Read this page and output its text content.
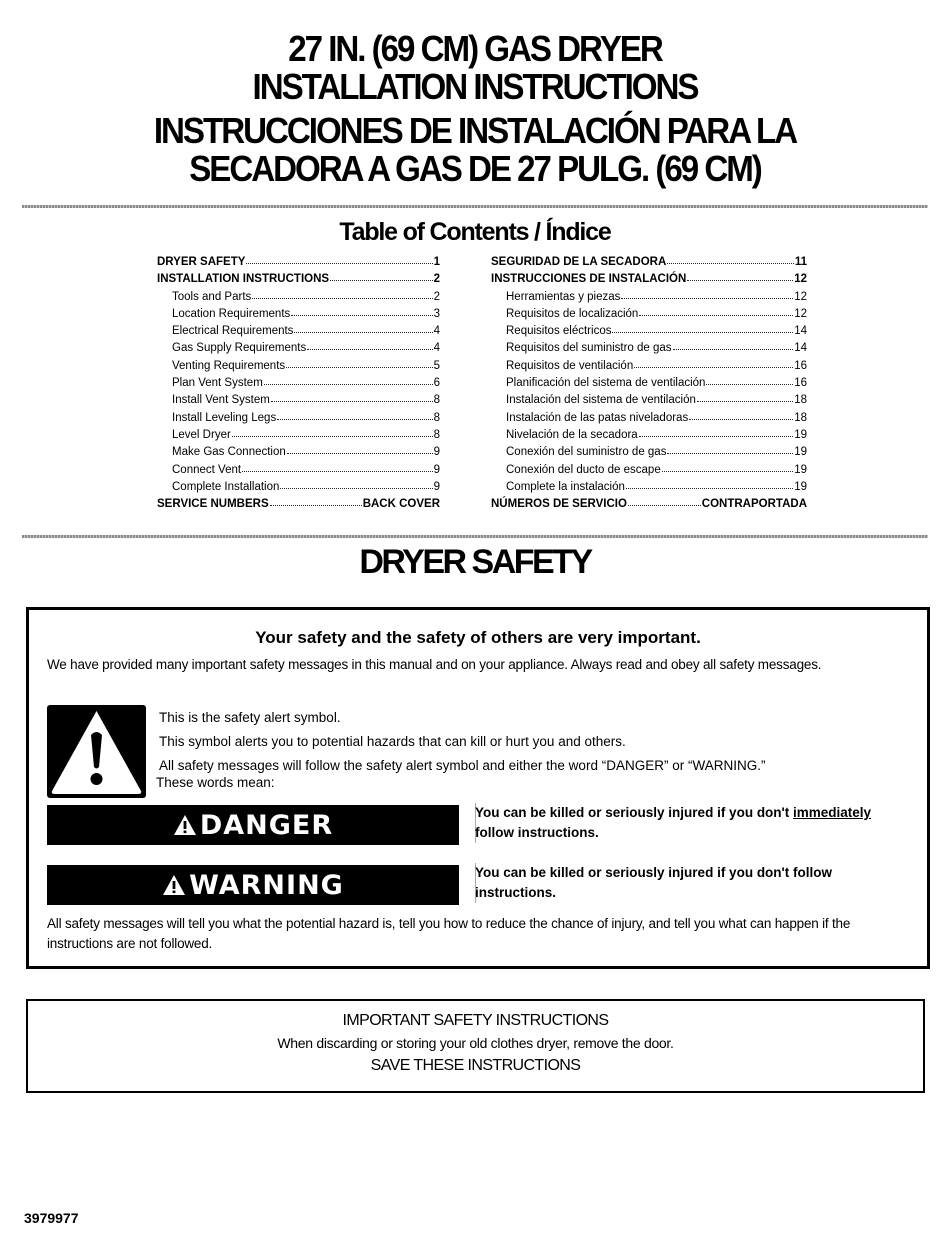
27 IN. (69 CM) GAS DRYER
INSTALLATION INSTRUCTIONS
INSTRUCCIONES DE INSTALACIÓN PARA LA
SECADORA A GAS DE 27 PULG. (69 CM)
Table of Contents / Índice
DRYER SAFETY	1
INSTALLATION INSTRUCTIONS	2
Tools and Parts	2
Location Requirements	3
Electrical Requirements	4
Gas Supply Requirements	4
Venting Requirements	5
Plan Vent System	6
Install Vent System	8
Install Leveling Legs	8
Level Dryer	8
Make Gas Connection	9
Connect Vent	9
Complete Installation	9
SERVICE NUMBERS	BACK COVER
SEGURIDAD DE LA SECADORA	11
INSTRUCCIONES DE INSTALACIÓN	12
Herramientas y piezas	12
Requisitos de localización	12
Requisitos eléctricos	14
Requisitos del suministro de gas	14
Requisitos de ventilación	16
Planificación del sistema de ventilación	16
Instalación del sistema de ventilación	18
Instalación de las patas niveladoras	18
Nivelación de la secadora	19
Conexión del suministro de gas	19
Conexión del ducto de escape	19
Complete la instalación	19
NÚMEROS DE SERVICIO	CONTRAPORTADA
DRYER SAFETY
Your safety and the safety of others are very important.
We have provided many important safety messages in this manual and on your appliance. Always read and obey all safety messages.
This is the safety alert symbol.
This symbol alerts you to potential hazards that can kill or hurt you and others.
All safety messages will follow the safety alert symbol and either the word “DANGER” or “WARNING.”
These words mean:
DANGER	You can be killed or seriously injured if you don't immediately
follow instructions.
WARNING	You can be killed or seriously injured if you don't follow
instructions.
All safety messages will tell you what the potential hazard is, tell you how to reduce the chance of injury, and tell you what can happen if the instructions are not followed.
IMPORTANT SAFETY INSTRUCTIONS
When discarding or storing your old clothes dryer, remove the door.
SAVE THESE INSTRUCTIONS
3979977
